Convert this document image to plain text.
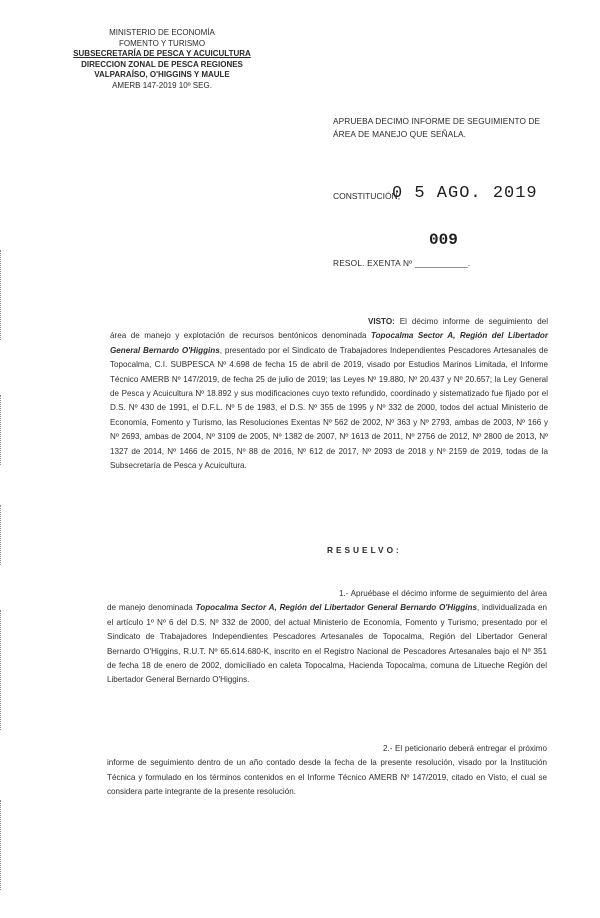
MINISTERIO DE ECONOMÍA
FOMENTO Y TURISMO
SUBSECRETARÍA DE PESCA Y ACUICULTURA
DIRECCION ZONAL DE PESCA REGIONES
VALPARAÍSO, O'HIGGINS Y MAULE
AMERB 147-2019 10º SEG.
APRUEBA DECIMO INFORME DE SEGUIMIENTO DE ÁREA DE MANEJO QUE SEÑALA.
CONSTITUCIÓN,
0 5 AGO. 2019
009
RESOL. EXENTA Nº ___________.
VISTO: El décimo informe de seguimiento del área de manejo y explotación de recursos bentónicos denominada Topocalma Sector A, Región del Libertador General Bernardo O'Higgins, presentado por el Sindicato de Trabajadores Independientes Pescadores Artesanales de Topocalma, C.I. SUBPESCA Nº 4.698 de fecha 15 de abril de 2019, visado por Estudios Marinos Limitada, el Informe Técnico AMERB Nº 147/2019, de fecha 25 de julio de 2019; las Leyes Nº 19.880, Nº 20.437 y Nº 20.657; la Ley General de Pesca y Acuicultura Nº 18.892 y sus modificaciones cuyo texto refundido, coordinado y sistematizado fue fijado por el D.S. Nº 430 de 1991, el D.F.L. Nº 5 de 1983, el D.S. Nº 355 de 1995 y Nº 332 de 2000, todos del actual Ministerio de Economía, Fomento y Turismo, las Resoluciones Exentas Nº 562 de 2002, Nº 363 y Nº 2793, ambas de 2003, Nº 166 y Nº 2693, ambas de 2004, Nº 3109 de 2005, Nº 1382 de 2007, Nº 1613 de 2011, Nº 2756 de 2012, Nº 2800 de 2013, Nº 1327 de 2014, Nº 1466 de 2015, Nº 88 de 2016, Nº 612 de 2017, Nº 2093 de 2018 y Nº 2159 de 2019, todas de la Subsecretaría de Pesca y Acuicultura.
RESUELVO:
1.- Apruébase el décimo informe de seguimiento del área de manejo denominada Topocalma Sector A, Región del Libertador General Bernardo O'Higgins, individualizada en el artículo 1º Nº 6 del D.S. Nº 332 de 2000, del actual Ministerio de Economía, Fomento y Turismo, presentado por el Sindicato de Trabajadores Independientes Pescadores Artesanales de Topocalma, Región del Libertador General Bernardo O'Higgins, R.U.T. Nº 65.614.680-K, inscrito en el Registro Nacional de Pescadores Artesanales bajo el Nº 351 de fecha 18 de enero de 2002, domiciliado en caleta Topocalma, Hacienda Topocalma, comuna de Litueche Región del Libertador General Bernardo O'Higgins.
2.- El peticionario deberá entregar el próximo informe de seguimiento dentro de un año contado desde la fecha de la presente resolución, visado por la Institución Técnica y formulado en los términos contenidos en el Informe Técnico AMERB Nº 147/2019, citado en Visto, el cual se considera parte integrante de la presente resolución.
